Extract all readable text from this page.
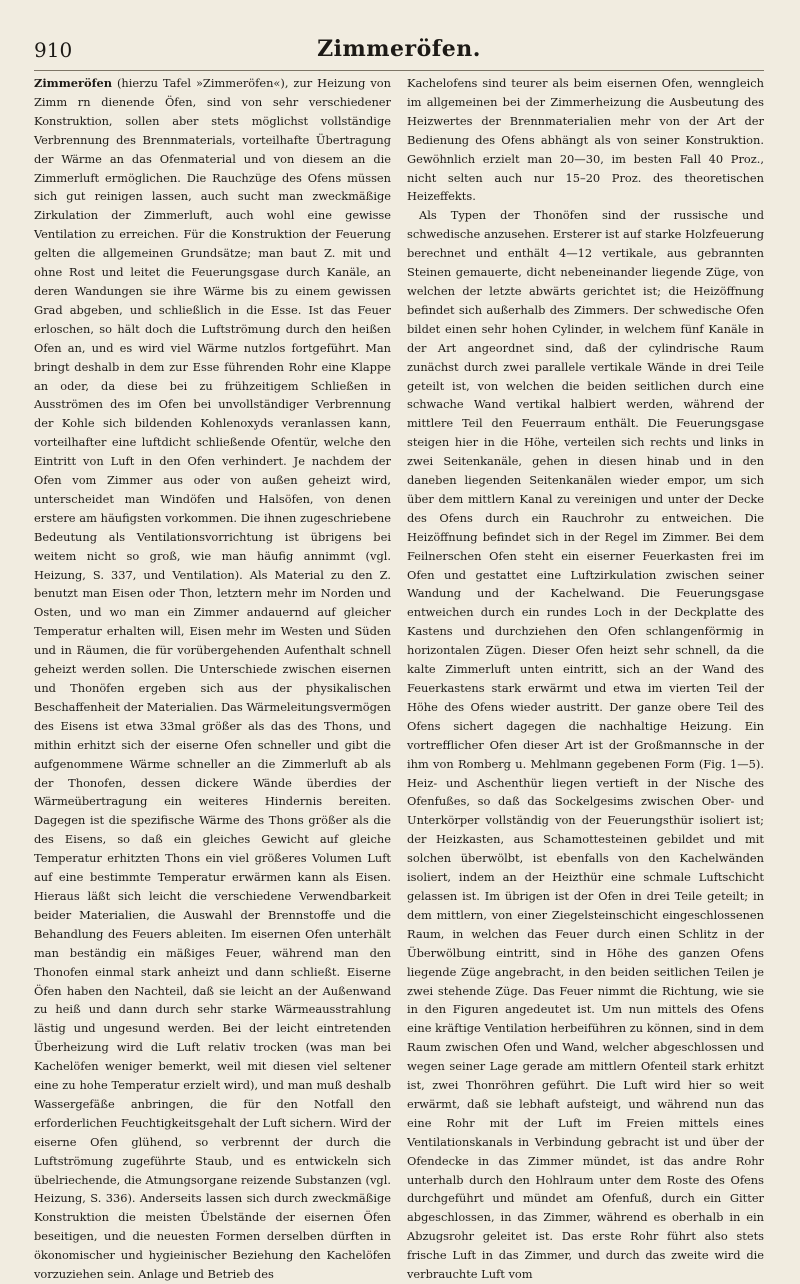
910	Zimmeröfen.

Zimmeröfen (hierzu Tafel »Zimmeröfen«), zur Heizung von Zimm rn dienende Öfen, sind von sehr verschiedener Konstruktion, sollen aber stets möglichst vollständige Verbrennung des Brennmaterials, vorteilhafte Übertragung der Wärme an das Ofenmaterial und von diesem an die Zimmerluft ermöglichen. Die Rauchzüge des Ofens müssen sich gut reinigen lassen, auch sucht man zweckmäßige Zirkulation der Zimmerluft, auch wohl eine gewisse Ventilation zu erreichen. Für die Konstruktion der Feuerung gelten die allgemeinen Grundsätze; man baut Z. mit und ohne Rost und leitet die Feuerungsgase durch Kanäle, an deren Wandungen sie ihre Wärme bis zu einem gewissen Grad abgeben, und schließlich in die Esse. Ist das Feuer erloschen, so hält doch die Luftströmung durch den heißen Ofen an, und es wird viel Wärme nutzlos fortgeführt. Man bringt deshalb in dem zur Esse führenden Rohr eine Klappe an oder, da diese bei zu frühzeitigem Schließen in Ausströmen des im Ofen bei unvollständiger Verbrennung der Kohle sich bildenden Kohlenoxyds veranlassen kann, vorteilhafter eine luftdicht schließende Ofentür, welche den Eintritt von Luft in den Ofen verhindert. Je nachdem der Ofen vom Zimmer aus oder von außen geheizt wird, unterscheidet man Windöfen und Halsöfen, von denen erstere am häufigsten vorkommen. Die ihnen zugeschriebene Bedeutung als Ventilationsvorrichtung ist übrigens bei weitem nicht so groß, wie man häufig annimmt (vgl. Heizung, S. 337, und Ventilation). Als Material zu den Z. benutzt man Eisen oder Thon, letztern mehr im Norden und Osten, und wo man ein Zimmer andauernd auf gleicher Temperatur erhalten will, Eisen mehr im Westen und Süden und in Räumen, die für vorübergehenden Aufenthalt schnell geheizt werden sollen. Die Unterschiede zwischen eisernen und Thonöfen ergeben sich aus der physikalischen Beschaffenheit der Materialien. Das Wärmeleitungsvermögen des Eisens ist etwa 33mal größer als das des Thons, und mithin erhitzt sich der eiserne Ofen schneller und gibt die aufgenommene Wärme schneller an die Zimmerluft ab als der Thonofen, dessen dickere Wände überdies der Wärmeübertragung ein weiteres Hindernis bereiten. Dagegen ist die spezifische Wärme des Thons größer als die des Eisens, so daß ein gleiches Gewicht auf gleiche Temperatur erhitzten Thons ein viel größeres Volumen Luft auf eine bestimmte Temperatur erwärmen kann als Eisen. Hieraus läßt sich leicht die verschiedene Verwendbarkeit beider Materialien, die Auswahl der Brennstoffe und die Behandlung des Feuers ableiten. Im eisernen Ofen unterhält man beständig ein mäßiges Feuer, während man den Thonofen einmal stark anheizt und dann schließt. Eiserne Öfen haben den Nachteil, daß sie leicht an der Außenwand zu heiß und dann durch sehr starke Wärmeausstrahlung lästig und ungesund werden. Bei der leicht eintretenden Überheizung wird die Luft relativ trocken (was man bei Kachelöfen weniger bemerkt, weil mit diesen viel seltener eine zu hohe Temperatur erzielt wird), und man muß deshalb Wassergefäße anbringen, die für den Notfall den erforderlichen Feuchtigkeitsgehalt der Luft sichern. Wird der eiserne Ofen glühend, so verbrennt der durch die Luftströmung zugeführte Staub, und es entwickeln sich übelriechende, die Atmungsorgane reizende Substanzen (vgl. Heizung, S. 336). Anderseits lassen sich durch zweckmäßige Konstruktion die meisten Übelstände der eisernen Öfen beseitigen, und die neuesten Formen derselben dürften in ökonomischer und hygieinischer Beziehung den Kachelöfen vorzuziehen sein. Anlage und Betrieb des

Kachelofens sind teurer als beim eisernen Ofen, wenngleich im allgemeinen bei der Zimmerheizung die Ausbeutung des Heizwertes der Brennmaterialien mehr von der Art der Bedienung des Ofens abhängt als von seiner Konstruktion. Gewöhnlich erzielt man 20—30, im besten Fall 40 Proz., nicht selten auch nur 15–20 Proz. des theoretischen Heizeffekts.

Als Typen der Thonöfen sind der russische und schwedische anzusehen. Ersterer ist auf starke Holzfeuerung berechnet und enthält 4—12 vertikale, aus gebrannten Steinen gemauerte, dicht nebeneinander liegende Züge, von welchen der letzte abwärts gerichtet ist; die Heizöffnung befindet sich außerhalb des Zimmers. Der schwedische Ofen bildet einen sehr hohen Cylinder, in welchem fünf Kanäle in der Art angeordnet sind, daß der cylindrische Raum zunächst durch zwei parallele vertikale Wände in drei Teile geteilt ist, von welchen die beiden seitlichen durch eine schwache Wand vertikal halbiert werden, während der mittlere Teil den Feuerraum enthält. Die Feuerungsgase steigen hier in die Höhe, verteilen sich rechts und links in zwei Seitenkanäle, gehen in diesen hinab und in den daneben liegenden Seitenkanälen wieder empor, um sich über dem mittlern Kanal zu vereinigen und unter der Decke des Ofens durch ein Rauchrohr zu entweichen. Die Heizöffnung befindet sich in der Regel im Zimmer. Bei dem Feilnerschen Ofen steht ein eiserner Feuerkasten frei im Ofen und gestattet eine Luftzirkulation zwischen seiner Wandung und der Kachelwand. Die Feuerungsgase entweichen durch ein rundes Loch in der Deckplatte des Kastens und durchziehen den Ofen schlangenförmig in horizontalen Zügen. Dieser Ofen heizt sehr schnell, da die kalte Zimmerluft unten eintritt, sich an der Wand des Feuerkastens stark erwärmt und etwa im vierten Teil der Höhe des Ofens wieder austritt. Der ganze obere Teil des Ofens sichert dagegen die nachhaltige Heizung. Ein vortrefflicher Ofen dieser Art ist der Großmannsche in der ihm von Romberg u. Mehlmann gegebenen Form (Fig. 1—5). Heiz- und Aschenthür liegen vertieft in der Nische des Ofenfußes, so daß das Sockelgesims zwischen Ober- und Unterkörper vollständig von der Feuerungsthür isoliert ist; der Heizkasten, aus Schamottesteinen gebildet und mit solchen überwölbt, ist ebenfalls von den Kachelwänden isoliert, indem an der Heizthür eine schmale Luftschicht gelassen ist. Im übrigen ist der Ofen in drei Teile geteilt; in dem mittlern, von einer Ziegelsteinschicht eingeschlossenen Raum, in welchen das Feuer durch einen Schlitz in der Überwölbung eintritt, sind in Höhe des ganzen Ofens liegende Züge angebracht, in den beiden seitlichen Teilen je zwei stehende Züge. Das Feuer nimmt die Richtung, wie sie in den Figuren angedeutet ist. Um nun mittels des Ofens eine kräftige Ventilation herbeiführen zu können, sind in dem Raum zwischen Ofen und Wand, welcher abgeschlossen und wegen seiner Lage gerade am mittlern Ofenteil stark erhitzt ist, zwei Thonröhren geführt. Die Luft wird hier so weit erwärmt, daß sie lebhaft aufsteigt, und während nun das eine Rohr mit der Luft im Freien mittels eines Ventilationskanals in Verbindung gebracht ist und über der Ofendecke in das Zimmer mündet, ist das andre Rohr unterhalb durch den Hohlraum unter dem Roste des Ofens durchgeführt und mündet am Ofenfuß, durch ein Gitter abgeschlossen, in das Zimmer, während es oberhalb in ein Abzugsrohr geleitet ist. Das erste Rohr führt also stets frische Luft in das Zimmer, und durch das zweite wird die verbrauchte Luft vom
